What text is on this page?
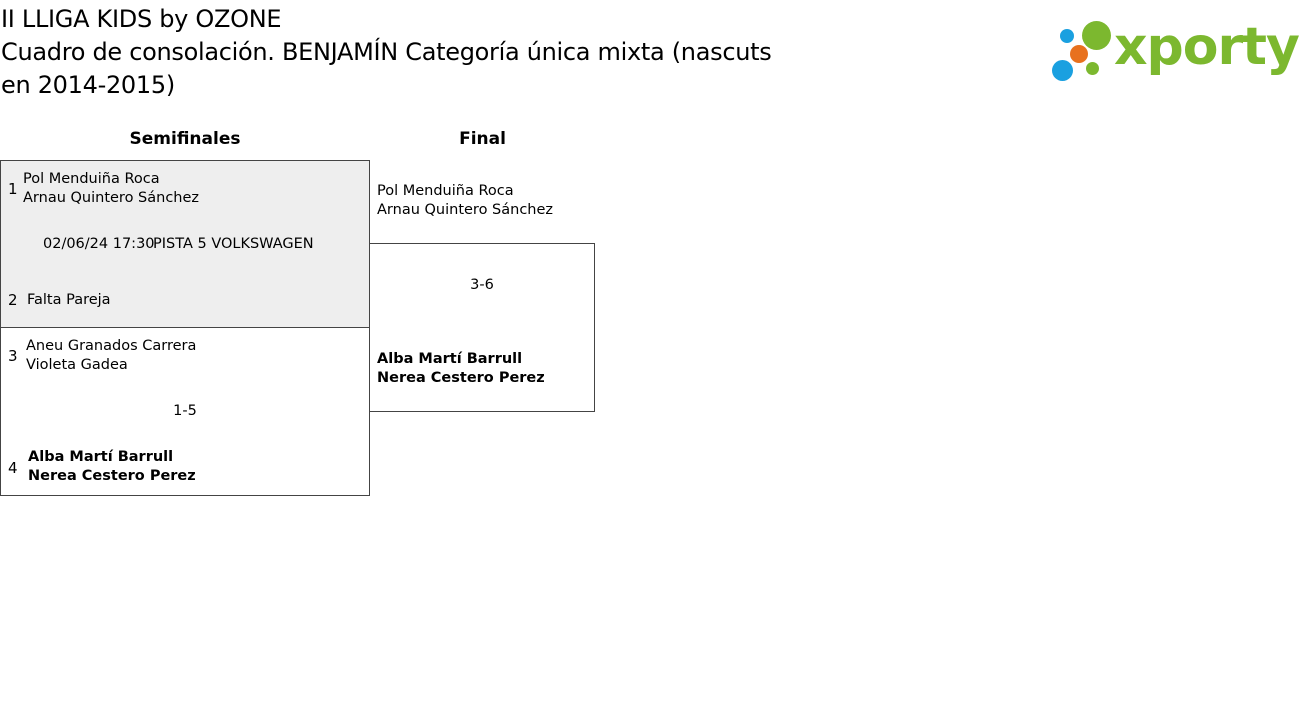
II LLIGA KIDS by OZONE
Cuadro de consolación. BENJAMÍN Categoría única mixta (nascuts
en 2014-2015)
xporty
Semifinales	Final
1
Pol Menduiña Roca
Arnau Quintero Sánchez
02/06/24 17:30
PISTA 5 VOLKSWAGEN
2 Falta Pareja
3
Aneu Granados Carrera
Violeta Gadea
1-5
4
Alba Martí Barrull
Nerea Cestero Perez
Pol Menduiña Roca
Arnau Quintero Sánchez
3-6
Alba Martí Barrull
Nerea Cestero Perez
